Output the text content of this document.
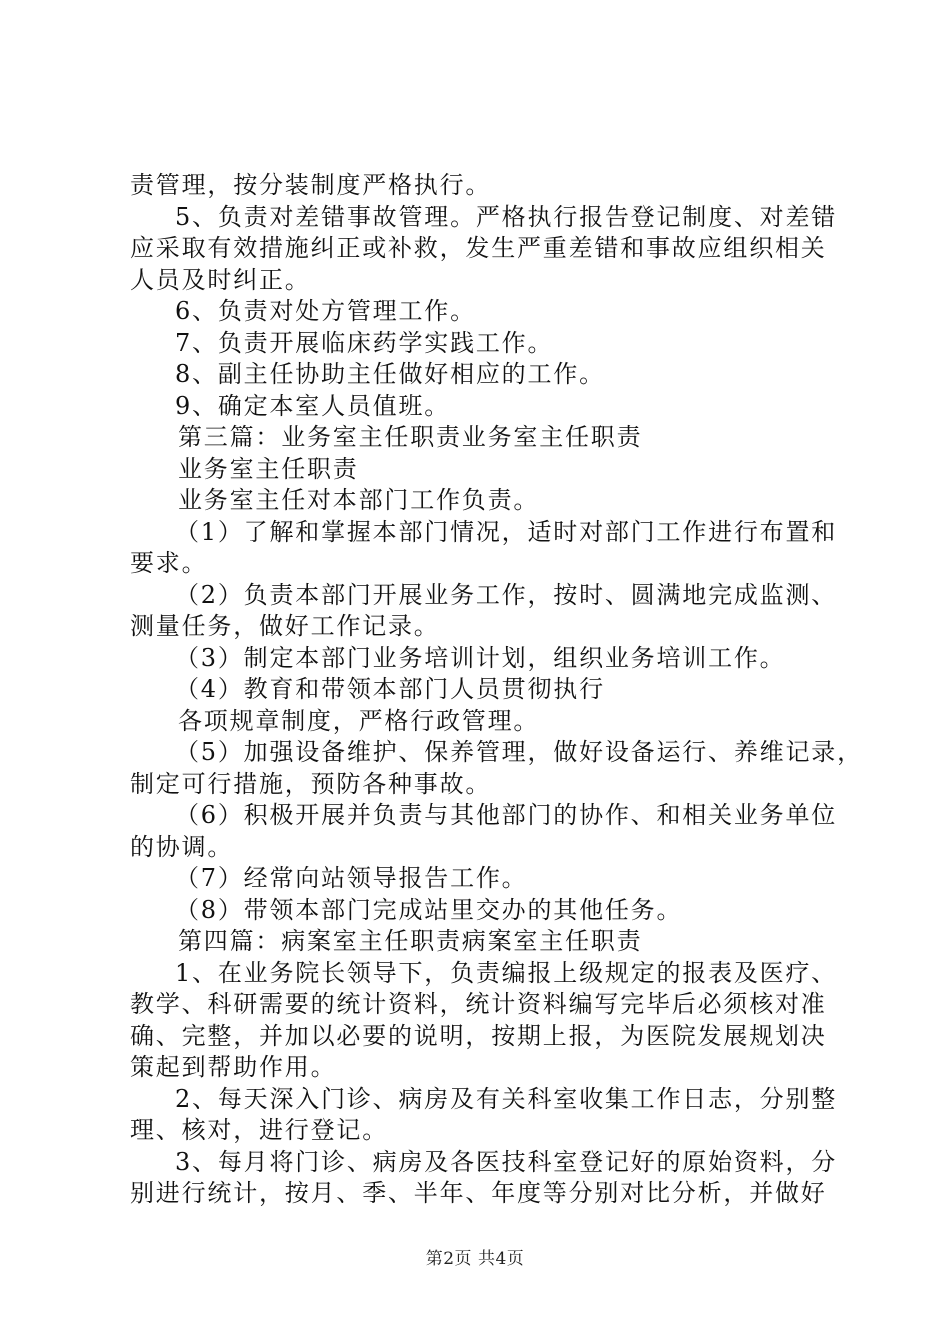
责管理，按分装制度严格执行。
5、负责对差错事故管理。严格执行报告登记制度、对差错
应采取有效措施纠正或补救，发生严重差错和事故应组织相关
人员及时纠正。
6、负责对处方管理工作。
7、负责开展临床药学实践工作。
8、副主任协助主任做好相应的工作。
9、确定本室人员值班。
第三篇：业务室主任职责业务室主任职责
业务室主任职责
业务室主任对本部门工作负责。
（1）了解和掌握本部门情况，适时对部门工作进行布置和
要求。
（2）负责本部门开展业务工作，按时、圆满地完成监测、
测量任务，做好工作记录。
（3）制定本部门业务培训计划，组织业务培训工作。
（4）教育和带领本部门人员贯彻执行
各项规章制度，严格行政管理。
（5）加强设备维护、保养管理，做好设备运行、养维记录，
制定可行措施，预防各种事故。
（6）积极开展并负责与其他部门的协作、和相关业务单位
的协调。
（7）经常向站领导报告工作。
（8）带领本部门完成站里交办的其他任务。
第四篇：病案室主任职责病案室主任职责
1、在业务院长领导下，负责编报上级规定的报表及医疗、
教学、科研需要的统计资料，统计资料编写完毕后必须核对准
确、完整，并加以必要的说明，按期上报，为医院发展规划决
策起到帮助作用。
2、每天深入门诊、病房及有关科室收集工作日志，分别整
理、核对，进行登记。
3、每月将门诊、病房及各医技科室登记好的原始资料，分
别进行统计，按月、季、半年、年度等分别对比分析，并做好
第2页 共4页
